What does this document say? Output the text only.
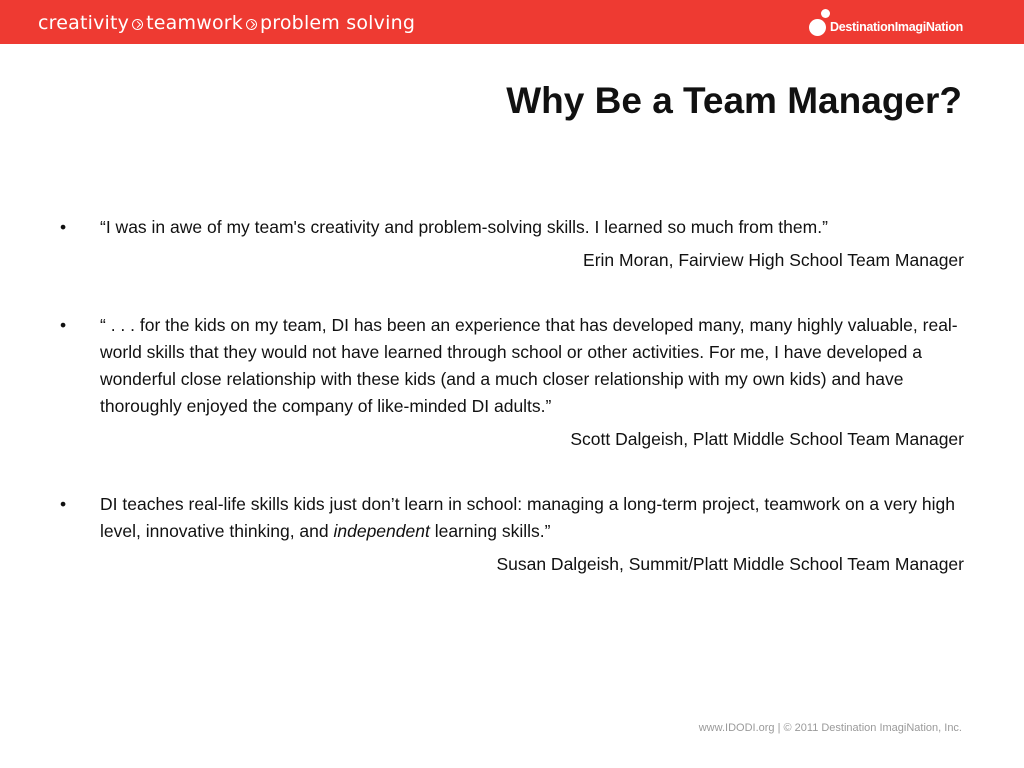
creativity teamwork problem solving	DestinationImagiNation
Why Be a Team Manager?
• “I was in awe of my team's creativity and problem-solving skills. I learned so much from them.”

Erin Moran, Fairview High School Team Manager

• “ . . . for the kids on my team, DI has been an experience that has developed many, many highly valuable, real-world skills that they would not have learned through school or other activities. For me, I have developed a wonderful close relationship with these kids (and a much closer relationship with my own kids) and have thoroughly enjoyed the company of like-minded DI adults.”

Scott Dalgeish, Platt Middle School Team Manager

• DI teaches real-life skills kids just don’t learn in school: managing a long-term project, teamwork on a very high level, innovative thinking, and independent learning skills.”

Susan Dalgeish, Summit/Platt Middle School Team Manager

www.IDODI.org | © 2011 Destination ImagiNation, Inc.
